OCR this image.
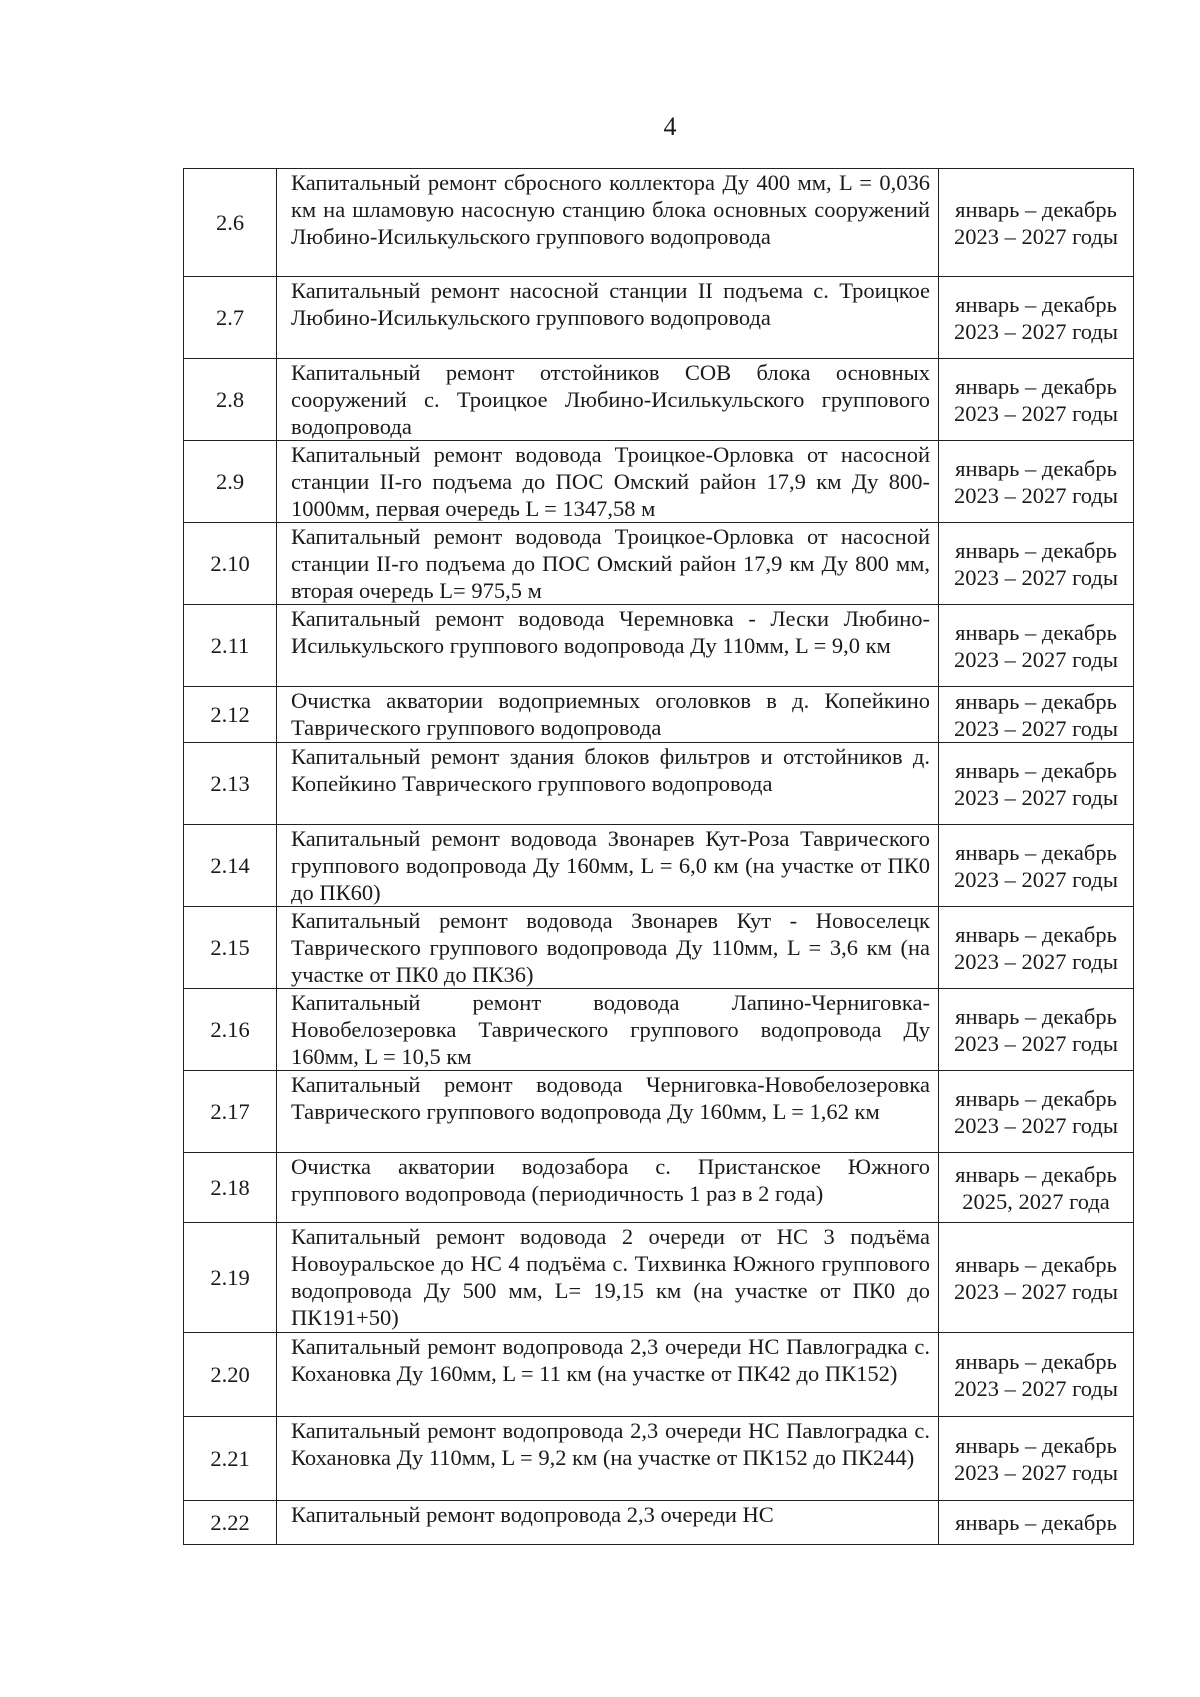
4
2.6	Капитальный ремонт сбросного коллектора Ду 400 мм, L = 0,036 км на шламовую насосную станцию блока основных сооружений Любино-Исилькульского группового водопровода	январь – декабрь 2023 – 2027 годы
2.7	Капитальный ремонт насосной станции II подъема с. Троицкое Любино-Исилькульского группового водопровода	январь – декабрь 2023 – 2027 годы
2.8	Капитальный ремонт отстойников СОВ блока основных сооружений с. Троицкое Любино-Исилькульского группового водопровода	январь – декабрь 2023 – 2027 годы
2.9	Капитальный ремонт водовода Троицкое-Орловка от насосной станции II-го подъема до ПОС Омский район 17,9 км Ду 800-1000мм, первая очередь L = 1347,58 м	январь – декабрь 2023 – 2027 годы
2.10	Капитальный ремонт водовода Троицкое-Орловка от насосной станции II-го подъема до ПОС Омский район 17,9 км Ду 800 мм, вторая очередь L= 975,5 м	январь – декабрь 2023 – 2027 годы
2.11	Капитальный ремонт водовода Черемновка - Лески Любино-Исилькульского группового водопровода Ду 110мм, L = 9,0 км	январь – декабрь 2023 – 2027 годы
2.12	Очистка акватории водоприемных оголовков в д. Копейкино Таврического группового водопровода	январь – декабрь 2023 – 2027 годы
2.13	Капитальный ремонт здания блоков фильтров и отстойников д. Копейкино Таврического группового водопровода	январь – декабрь 2023 – 2027 годы
2.14	Капитальный ремонт водовода Звонарев Кут-Роза Таврического группового водопровода Ду 160мм, L = 6,0 км (на участке от ПК0 до ПК60)	январь – декабрь 2023 – 2027 годы
2.15	Капитальный ремонт водовода Звонарев Кут - Новоселецк Таврического группового водопровода Ду 110мм, L = 3,6 км (на участке от ПК0 до ПК36)	январь – декабрь 2023 – 2027 годы
2.16	Капитальный ремонт водовода Лапино-Черниговка-Новобелозеровка Таврического группового водопровода Ду 160мм, L = 10,5 км	январь – декабрь 2023 – 2027 годы
2.17	Капитальный ремонт водовода Черниговка-Новобелозеровка Таврического группового водопровода Ду 160мм, L = 1,62 км	январь – декабрь 2023 – 2027 годы
2.18	Очистка акватории водозабора с. Пристанское Южного группового водопровода (периодичность 1 раз в 2 года)	январь – декабрь 2025, 2027 года
2.19	Капитальный ремонт водовода 2 очереди от НС 3 подъёма Новоуральское до НС 4 подъёма с. Тихвинка Южного группового водопровода Ду 500 мм, L= 19,15 км (на участке от ПК0 до ПК191+50)	январь – декабрь 2023 – 2027 годы
2.20	Капитальный ремонт водопровода 2,3 очереди НС Павлоградка с. Кохановка Ду 160мм, L = 11 км (на участке от ПК42 до ПК152)	январь – декабрь 2023 – 2027 годы
2.21	Капитальный ремонт водопровода 2,3 очереди НС Павлоградка с. Кохановка Ду 110мм, L = 9,2 км (на участке от ПК152 до ПК244)	январь – декабрь 2023 – 2027 годы
2.22	Капитальный ремонт водопровода 2,3 очереди НС	январь – декабрь
